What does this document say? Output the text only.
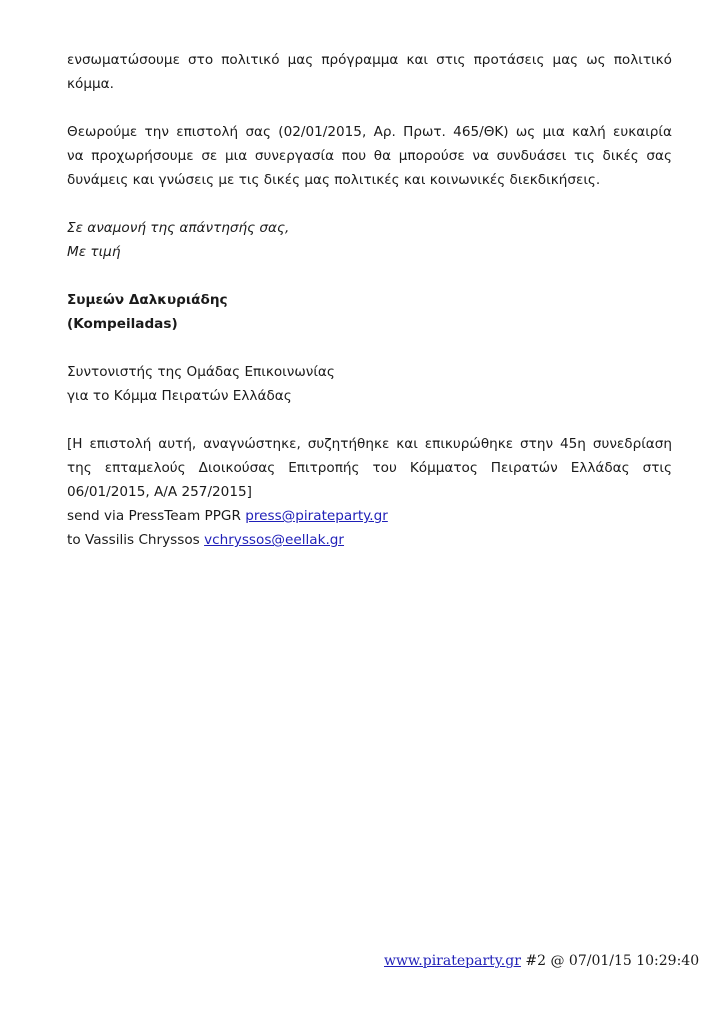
ενσωματώσουμε στο πολιτικό μας πρόγραμμα και στις προτάσεις μας ως πολιτικό
κόμμα.
Θεωρούμε την επιστολή σας (02/01/2015, Αρ. Πρωτ. 465/ΘΚ) ως μια καλή ευκαιρία
να προχωρήσουμε σε μια συνεργασία που θα μπορούσε να συνδυάσει τις δικές σας
δυνάμεις και γνώσεις με τις δικές μας πολιτικές και κοινωνικές διεκδικήσεις.
Σε αναμονή της απάντησής σας,
Με τιμή
Συμεών Δαλκυριάδης
(Kompeiladas)
Συντονιστής της Ομάδας Επικοινωνίας
για το Κόμμα Πειρατών Ελλάδας
[Η επιστολή αυτή, αναγνώστηκε, συζητήθηκε και επικυρώθηκε στην 45η συνεδρίαση
της επταμελούς Διοικούσας Επιτροπής του Κόμματος Πειρατών Ελλάδας στις
06/01/2015, Α/Α 257/2015]
send via PressTeam PPGR press@pirateparty.gr
to Vassilis Chryssos vchryssos@eellak.gr
www.pirateparty.gr #2 @ 07/01/15 10:29:40
